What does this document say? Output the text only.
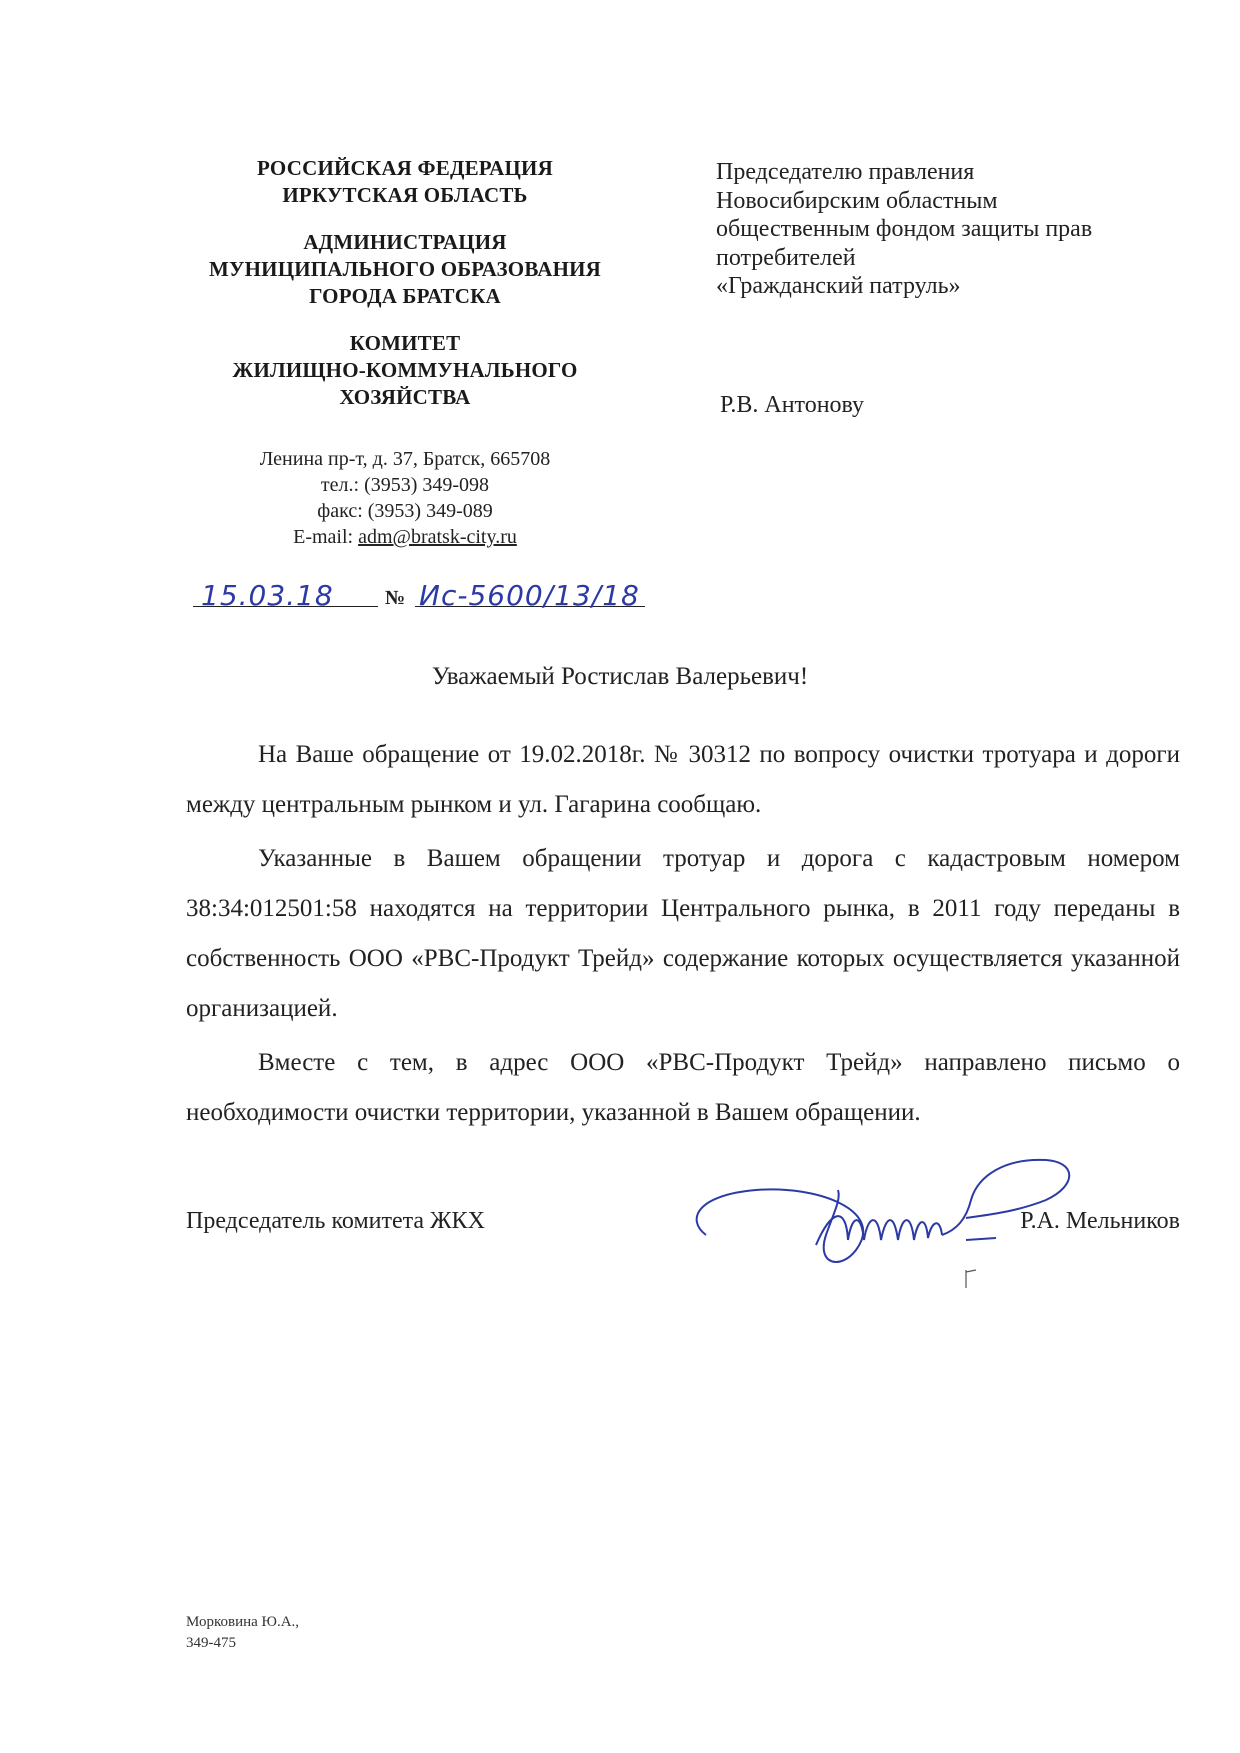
РОССИЙСКАЯ ФЕДЕРАЦИЯ
ИРКУТСКАЯ ОБЛАСТЬ
АДМИНИСТРАЦИЯ
МУНИЦИПАЛЬНОГО ОБРАЗОВАНИЯ
ГОРОДА БРАТСКА
КОМИТЕТ
ЖИЛИЩНО-КОММУНАЛЬНОГО
ХОЗЯЙСТВА
Ленина пр-т, д. 37, Братск, 665708
тел.: (3953) 349-098
факс: (3953) 349-089
E-mail: adm@bratsk-city.ru
15.03.18	№ Ис-5600/13/18
Председателю правления
Новосибирским областным
общественным фондом защиты прав
потребителей
«Гражданский патруль»
Р.В. Антонову
Уважаемый Ростислав Валерьевич!

На Ваше обращение от 19.02.2018г. № 30312 по вопросу очистки тротуара и дороги между центральным рынком и ул. Гагарина сообщаю.

Указанные в Вашем обращении тротуар и дорога с кадастровым номером 38:34:012501:58 находятся на территории Центрального рынка, в 2011 году переданы в собственность ООО «РВС-Продукт Трейд» содержание которых осуществляется указанной организацией.

Вместе с тем, в адрес ООО «РВС-Продукт Трейд» направлено письмо о необходимости очистки территории, указанной в Вашем обращении.

Председатель комитета ЖКХ	Р.А. Мельников
Морковина Ю.А.,
349-475
